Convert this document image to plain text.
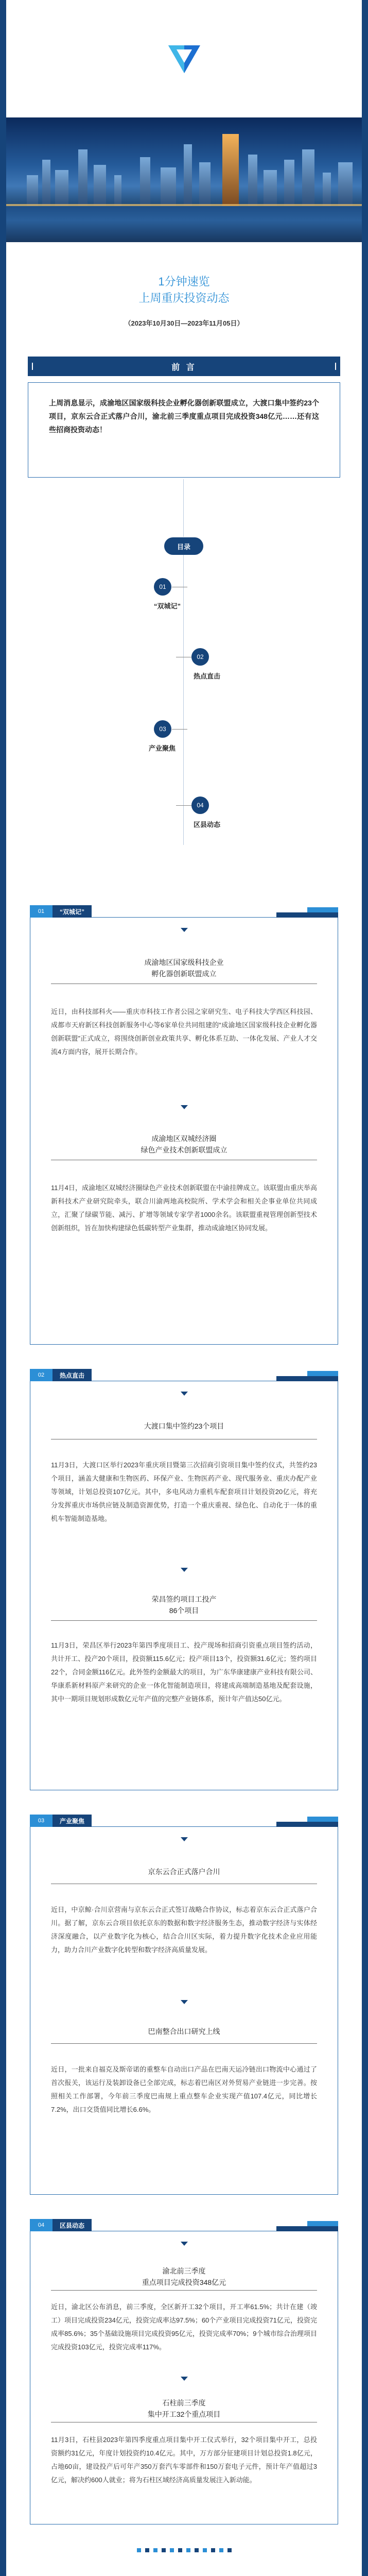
1分钟速览
上周重庆投资动态
（2023年10月30日—2023年11月05日）
前 言
上周消息显示，成渝地区国家级科技企业孵化器创新联盟成立，大渡口集中签约23个项目，京东云合正式落户合川，渝北前三季度重点项目完成投资348亿元……还有这些招商投资动态！
目录
01
“双城记”
02
热点直击
03
产业聚焦
04
区县动态
01	“双城记”
成渝地区国家级科技企业
孵化器创新联盟成立
近日，由科技部科火——重庆市科技工作者公园之家研究生、电子科技大学西区科技园、成都市天府新区科技创新服务中心等6家单位共同组建的“成渝地区国家级科技企业孵化器创新联盟”正式成立，将围绕创新创业政策共享、孵化体系互助、一体化发展、产业人才交流4方面内容，展开长期合作。
成渝地区双城经济圈
绿色产业技术创新联盟成立
11月4日，成渝地区双城经济圈绿色产业技术创新联盟在中渝挂牌成立。该联盟由重庆举高新科技术产业研究院牵头，联合川渝两地高校院所、学术学会和相关企事业单位共同成立，汇聚了绿碳节能、减污、扩增等领域专家学者1000余名。该联盟重视管理创新型技术创新组织，旨在加快构建绿色低碳转型产业集群，推动成渝地区协同发展。
02	热点直击
大渡口集中签约23个项目
11月3日，大渡口区举行2023年重庆项目暨第三次招商引资项目集中签约仪式，共签约23个项目，涵盖大健康和生物医药、环保产业、生物医药产业、现代服务业、重庆办配产业等领域，计划总投资107亿元。其中，多电风动力重机车配套项目计划投资20亿元，将充分发挥重庆市场供应链及制造资源优势，打造一个重庆重视、绿色化、自动化于一体的重机车智能制造基地。
荣昌签约项目工投产
86个项目
11月3日，荣昌区举行2023年第四季度项目工、投产现场和招商引资重点项目签约活动，共计开工、投产20个项目，投资额115.6亿元；投产项目13个，投资额31.6亿元；签约项目22个，合同金额116亿元。此外签约金额最大的项目，为广东华康建康产业科技有限公司、华康系新材料原产来研究的企业一体化智能制造项目，将建成高端制造基地及配套设施，其中一期项目规划形成数亿元年产值的完整产业链体系，预计年产值达50亿元。
03	产业聚焦
京东云合正式落户合川
近日，中京鲸·合川京营南与京东云合正式签订战略合作协议，标志着京东云合正式落户合川。据了解，京东云合项目依托京东的数据和数字经济服务生态，推动数字经济与实体经济深度融合，以产业数字化为核心，结合合川区实际，着力提升数字化技术企业应用能力，助力合川产业数字化转型和数字经济高质量发展。
巴南整合出口研究上线
近日，一批来自福克及斯帝诺的重整车自动出口产品在巴南天运冷链出口物流中心通过了首次报关，该运行及装卸设备已全部完成，标志着巴南区对外贸易产业链进一步完善。按照相关工作部署，今年前三季度巴南规上重点整车企业实现产值107.4亿元，同比增长7.2%，出口交货值同比增长6.6%。
04	区县动态
渝北前三季度
重点项目完成投资348亿元
近日，渝北区公布消息，前三季度，全区新开工32个项目，开工率61.5%；共计在建（竣工）项目完成投资234亿元，投资完成率达97.5%；60个产业项目完成投资71亿元，投资完成率85.6%；35个基础设施项目完成投资95亿元，投资完成率70%；9个城市综合治理项目完成投资103亿元，投资完成率117%。
石柱前三季度
集中开工32个重点项目
11月3日，石柱县2023年第四季度重点项目集中开工仪式举行，32个项目集中开工，总投资额约31亿元，年度计划投资约10.4亿元。其中，万方部分征建项目计划总投资1.8亿元，占地60亩，建设投产后可年产350万套汽车零部件和150万套电子元件，预计年产值超过3亿元，解决约600人就业；将为石柱区域经济高质量发展注入新动能。
